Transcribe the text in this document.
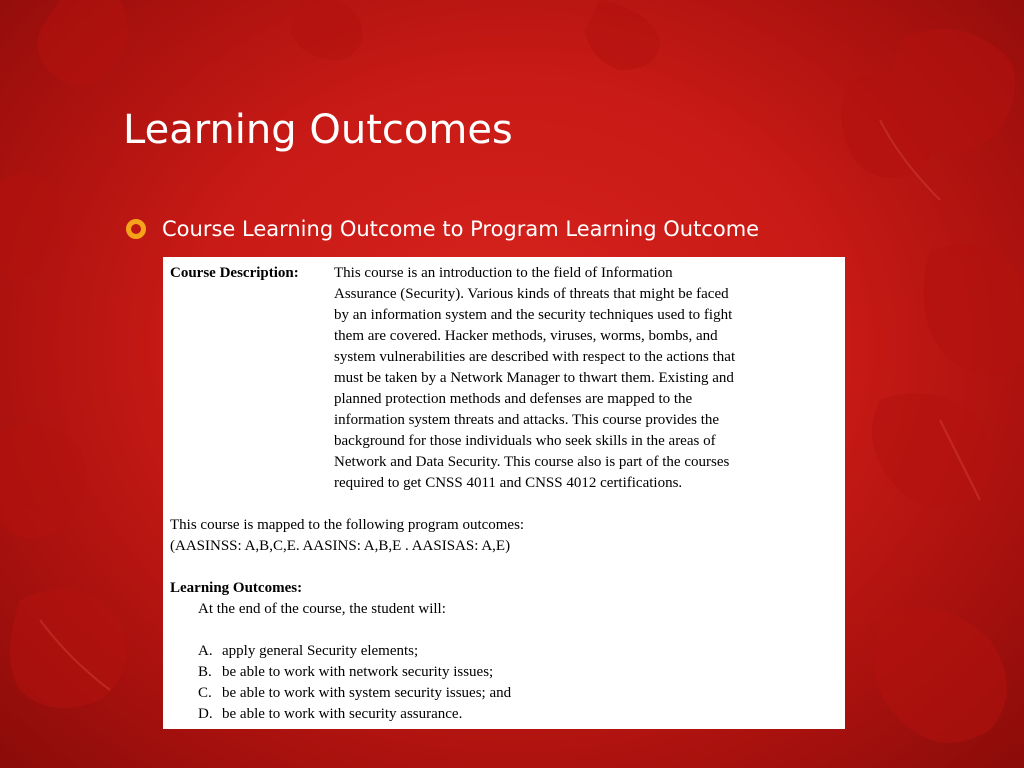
Learning Outcomes
Course Learning Outcome to Program Learning Outcome
Course Description: This course is an introduction to the field of Information
Assurance (Security). Various kinds of threats that might be faced
by an information system and the security techniques used to fight
them are covered. Hacker methods, viruses, worms, bombs, and
system vulnerabilities are described with respect to the actions that
must be taken by a Network Manager to thwart them. Existing and
planned protection methods and defenses are mapped to the
information system threats and attacks. This course provides the
background for those individuals who seek skills in the areas of
Network and Data Security. This course also is part of the courses
required to get CNSS 4011 and CNSS 4012 certifications.
This course is mapped to the following program outcomes:
(AASINSS: A,B,C,E. AASINS: A,B,E . AASISAS: A,E)
Learning Outcomes:
At the end of the course, the student will:
A. apply general Security elements;
B. be able to work with network security issues;
C. be able to work with system security issues; and
D. be able to work with security assurance.
